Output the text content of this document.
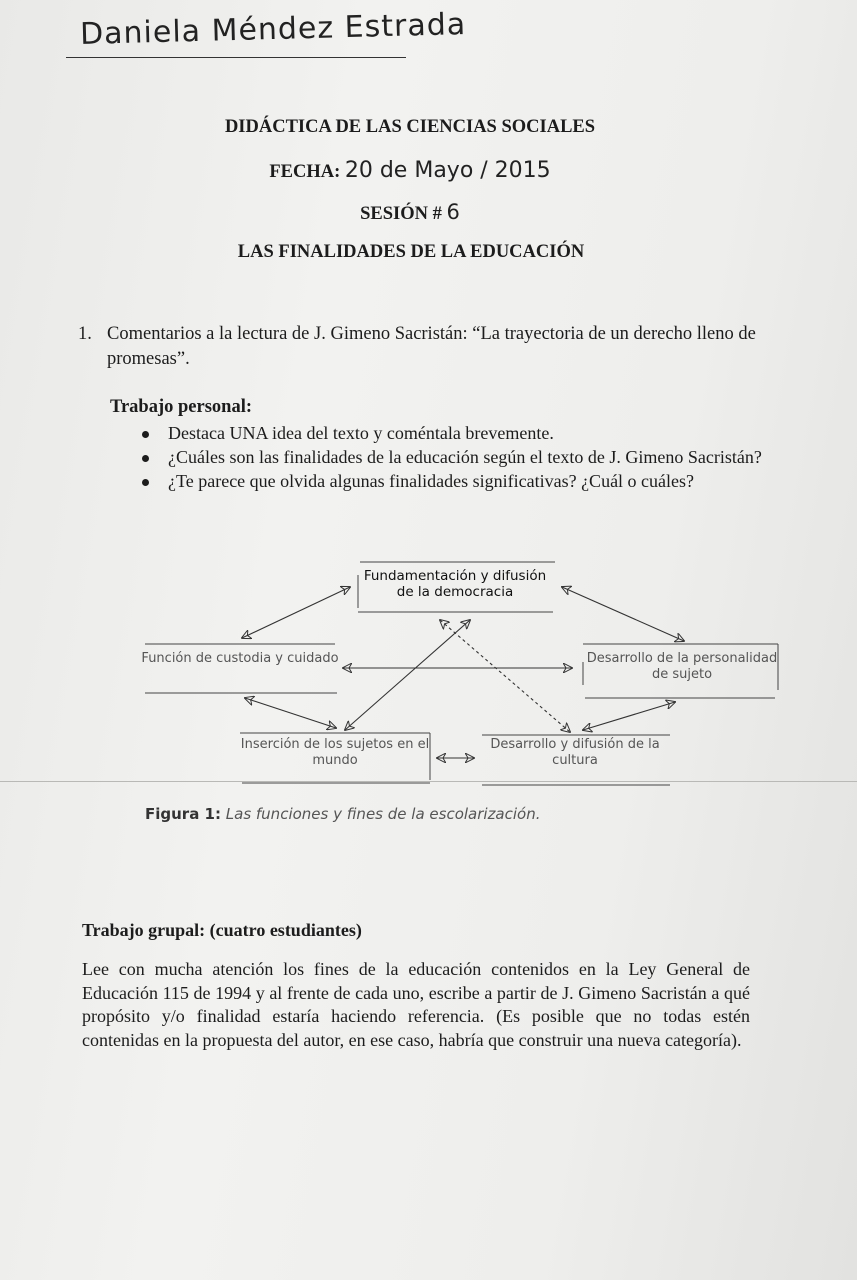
Daniela Méndez Estrada
DIDÁCTICA DE LAS CIENCIAS SOCIALES
FECHA: 20 de Mayo / 2015
SESIÓN # 6
LAS FINALIDADES DE LA EDUCACIÓN
1. Comentarios a la lectura de J. Gimeno Sacristán: “La trayectoria de un derecho lleno de promesas”.
Trabajo personal:
Destaca UNA idea del texto y coméntala brevemente.
¿Cuáles son las finalidades de la educación según el texto de J. Gimeno Sacristán?
¿Te parece que olvida algunas finalidades significativas? ¿Cuál o cuáles?
Fundamentación y difusión de la democracia
Función de custodia y cuidado	Desarrollo de la personalidad de sujeto
Inserción de los sujetos en el mundo
Desarrollo y difusión de la cultura
Figura 1: Las funciones y fines de la escolarización.
Trabajo grupal: (cuatro estudiantes)
Lee con mucha atención los fines de la educación contenidos en la Ley General de Educación 115 de 1994 y al frente de cada uno, escribe a partir de J. Gimeno Sacristán a qué propósito y/o finalidad estaría haciendo referencia. (Es posible que no todas estén contenidas en la propuesta del autor, en ese caso, habría que construir una nueva categoría).
